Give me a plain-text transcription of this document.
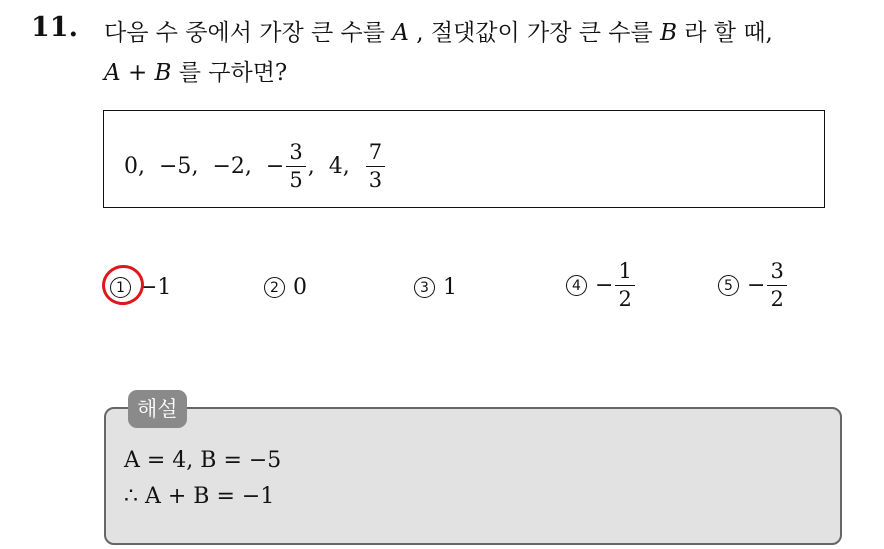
11. 다음 수 중에서 가장 큰 수를 A , 절댓값이 가장 큰 수를 B 라 할 때,
A + B 를 구하면?
0 , −5 , −2 , − $\frac{3}{5}$ , 4 , $\frac{7}{3}$
1 −1	2 0	3 1	$4 - \frac{1}{2}$	$5 - \frac{3}{2}$
해설
A = 4, B = −5
∴ A + B = −1
